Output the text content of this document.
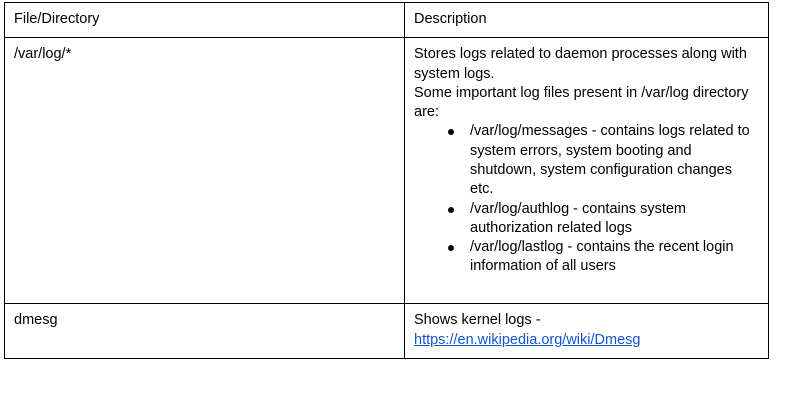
File/Directory	Description

/var/log/*	Stores logs related to daemon processes along with system logs.

Some important log files present in /var/log directory are:

/var/log/messages - contains logs related to system errors, system booting and shutdown, system configuration changes etc.
/var/log/authlog - contains system authorization related logs
/var/log/lastlog - contains the recent login information of all users

dmesg	Shows kernel logs -

https://en.wikipedia.org/wiki/Dmesg
